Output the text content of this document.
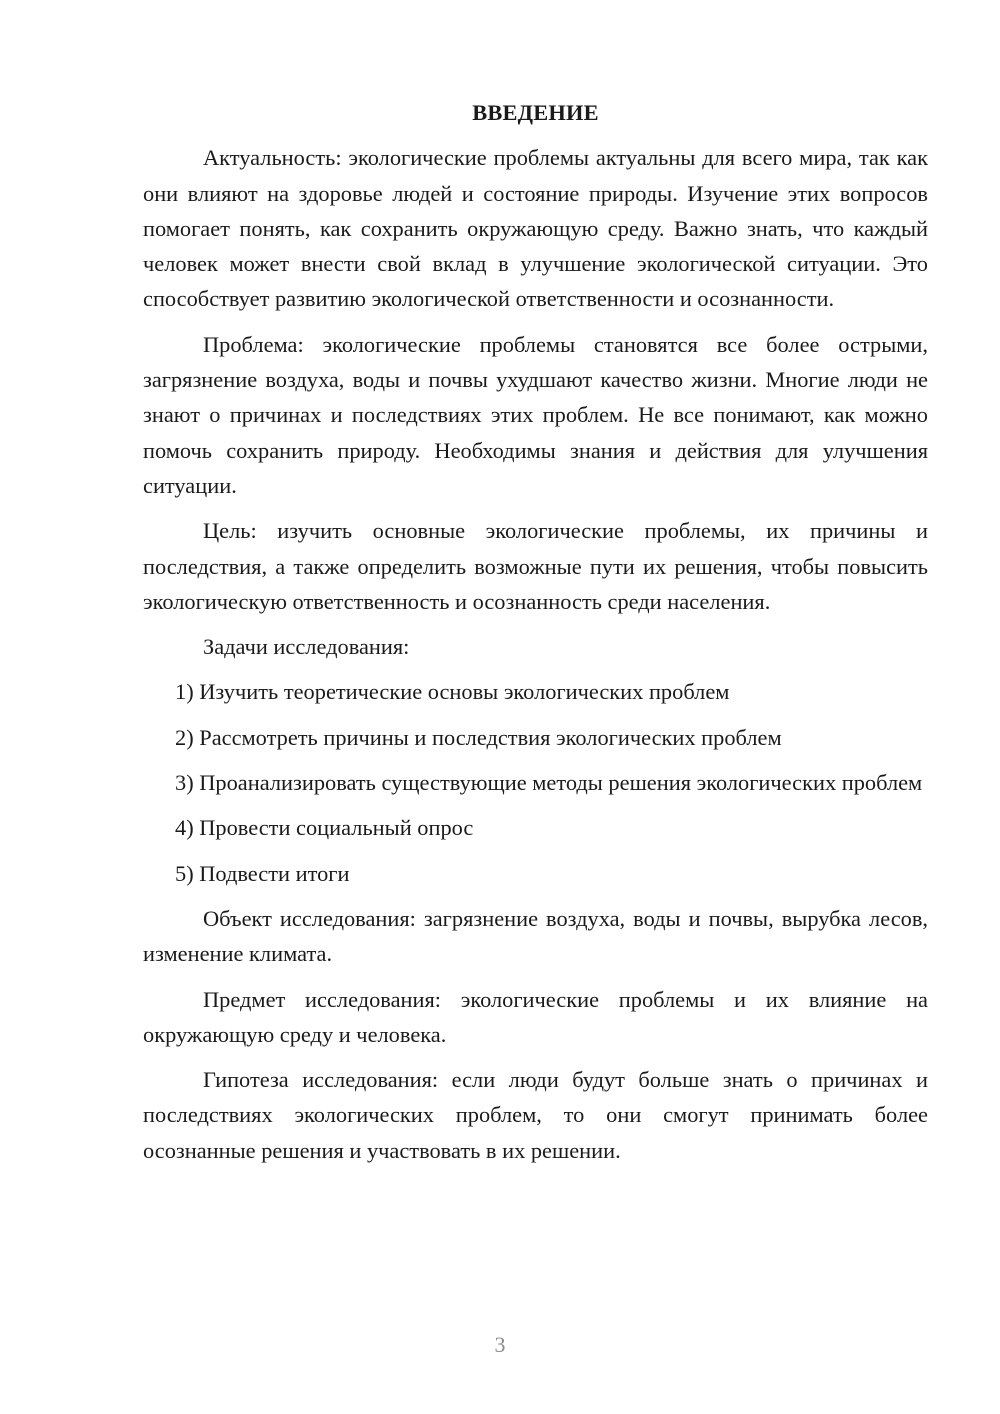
ВВЕДЕНИЕ

Актуальность: экологические проблемы актуальны для всего мира, так как они влияют на здоровье людей и состояние природы. Изучение этих вопросов помогает понять, как сохранить окружающую среду. Важно знать, что каждый человек может внести свой вклад в улучшение экологической ситуации. Это способствует развитию экологической ответственности и осознанности.

Проблема: экологические проблемы становятся все более острыми, загрязнение воздуха, воды и почвы ухудшают качество жизни. Многие люди не знают о причинах и последствиях этих проблем. Не все понимают, как можно помочь сохранить природу. Необходимы знания и действия для улучшения ситуации.

Цель: изучить основные экологические проблемы, их причины и последствия, а также определить возможные пути их решения, чтобы повысить экологическую ответственность и осознанность среди населения.

Задачи исследования:

1) Изучить теоретические основы экологических проблем

2) Рассмотреть причины и последствия экологических проблем

3) Проанализировать существующие методы решения экологических проблем

4) Провести социальный опрос

5) Подвести итоги

Объект исследования: загрязнение воздуха, воды и почвы, вырубка лесов, изменение климата.

Предмет исследования: экологические проблемы и их влияние на окружающую среду и человека.

Гипотеза исследования: если люди будут больше знать о причинах и последствиях экологических проблем, то они смогут принимать более осознанные решения и участвовать в их решении.

3
